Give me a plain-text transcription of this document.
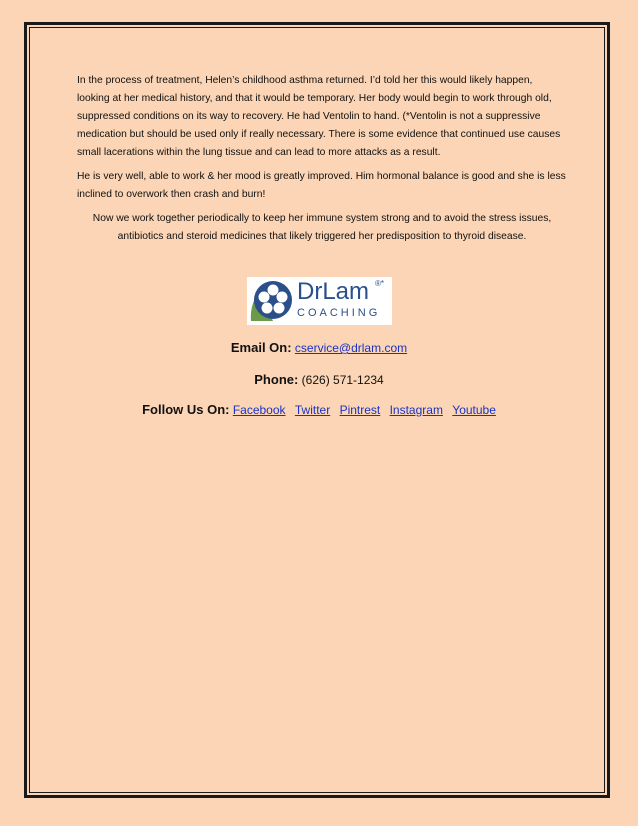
In the process of treatment, Helen’s childhood asthma returned. I’d told her this would likely happen, looking at her medical history, and that it would be temporary. Her body would begin to work through old, suppressed conditions on its way to recovery. He had Ventolin to hand. (*Ventolin is not a suppressive medication but should be used only if really necessary. There is some evidence that continued use causes small lacerations within the lung tissue and can lead to more attacks as a result.

He is very well, able to work & her mood is greatly improved. Him hormonal balance is good and she is less inclined to overwork then crash and burn!

Now we work together periodically to keep her immune system strong and to avoid the stress issues, antibiotics and steroid medicines that likely triggered her predisposition to thyroid disease.

DrLam
COACHING
®*
Email On: cservice@drlam.com
Phone: (626) 571-1234
Follow Us On: Facebook Twitter Pintrest Instagram Youtube
